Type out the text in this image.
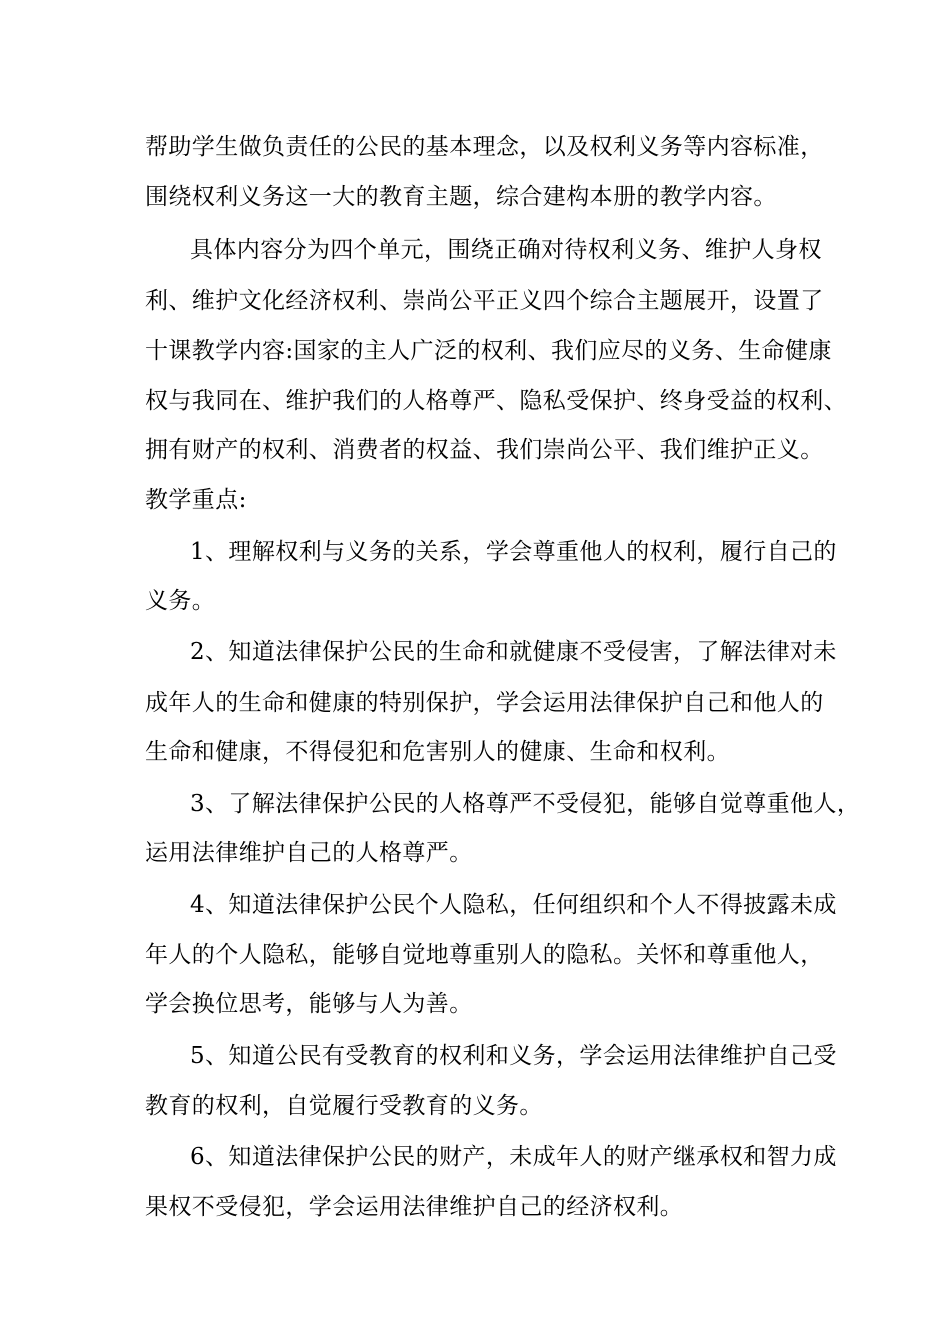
帮助学生做负责任的公民的基本理念，以及权利义务等内容标准，
围绕权利义务这一大的教育主题，综合建构本册的教学内容。
具体内容分为四个单元，围绕正确对待权利义务、维护人身权
利、维护文化经济权利、崇尚公平正义四个综合主题展开，设置了
十课教学内容:国家的主人广泛的权利、我们应尽的义务、生命健康
权与我同在、维护我们的人格尊严、隐私受保护、终身受益的权利、
拥有财产的权利、消费者的权益、我们崇尚公平、我们维护正义。
教学重点:
1、理解权利与义务的关系，学会尊重他人的权利，履行自己的
义务。
2、知道法律保护公民的生命和就健康不受侵害，了解法律对未
成年人的生命和健康的特别保护，学会运用法律保护自己和他人的
生命和健康，不得侵犯和危害别人的健康、生命和权利。
3、了解法律保护公民的人格尊严不受侵犯，能够自觉尊重他人，
运用法律维护自己的人格尊严。
4、知道法律保护公民个人隐私，任何组织和个人不得披露未成
年人的个人隐私，能够自觉地尊重别人的隐私。关怀和尊重他人，
学会换位思考，能够与人为善。
5、知道公民有受教育的权利和义务，学会运用法律维护自己受
教育的权利，自觉履行受教育的义务。
6、知道法律保护公民的财产，未成年人的财产继承权和智力成
果权不受侵犯，学会运用法律维护自己的经济权利。
